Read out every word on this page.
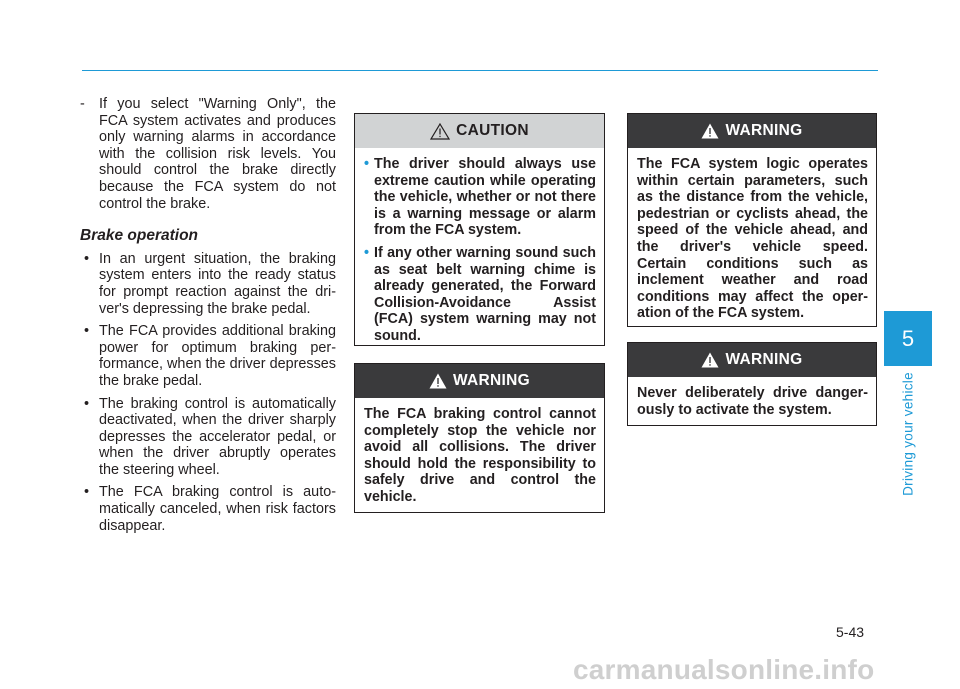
- If you select "Warning Only", the FCA system activates and produces only warning alarms in accordance with the collision risk levels. You should control the brake directly because the FCA system do not control the brake.
Brake operation
• In an urgent situation, the braking system enters into the ready status for prompt reaction against the driver's depressing the brake pedal.
• The FCA provides additional braking power for optimum braking performance, when the driver depresses the brake pedal.
• The braking control is automatically deactivated, when the driver sharply depresses the accelerator pedal, or when the driver abruptly operates the steering wheel.
• The FCA braking control is automatically canceled, when risk factors disappear.
CAUTION
• The driver should always use extreme caution while operating the vehicle, whether or not there is a warning message or alarm from the FCA system.
• If any other warning sound such as seat belt warning chime is already generated, the Forward Collision-Avoidance Assist (FCA) system warning may not sound.
WARNING
The FCA braking control cannot completely stop the vehicle nor avoid all collisions. The driver should hold the responsibility to safely drive and control the vehicle.
WARNING
The FCA system logic operates within certain parameters, such as the distance from the vehicle, pedestrian or cyclists ahead, the speed of the vehicle ahead, and the driver's vehicle speed. Certain conditions such as inclement weather and road conditions may affect the operation of the FCA system.
WARNING
Never deliberately drive dangerously to activate the system.
5
Driving your vehicle
5-43
carmanualsonline.info
